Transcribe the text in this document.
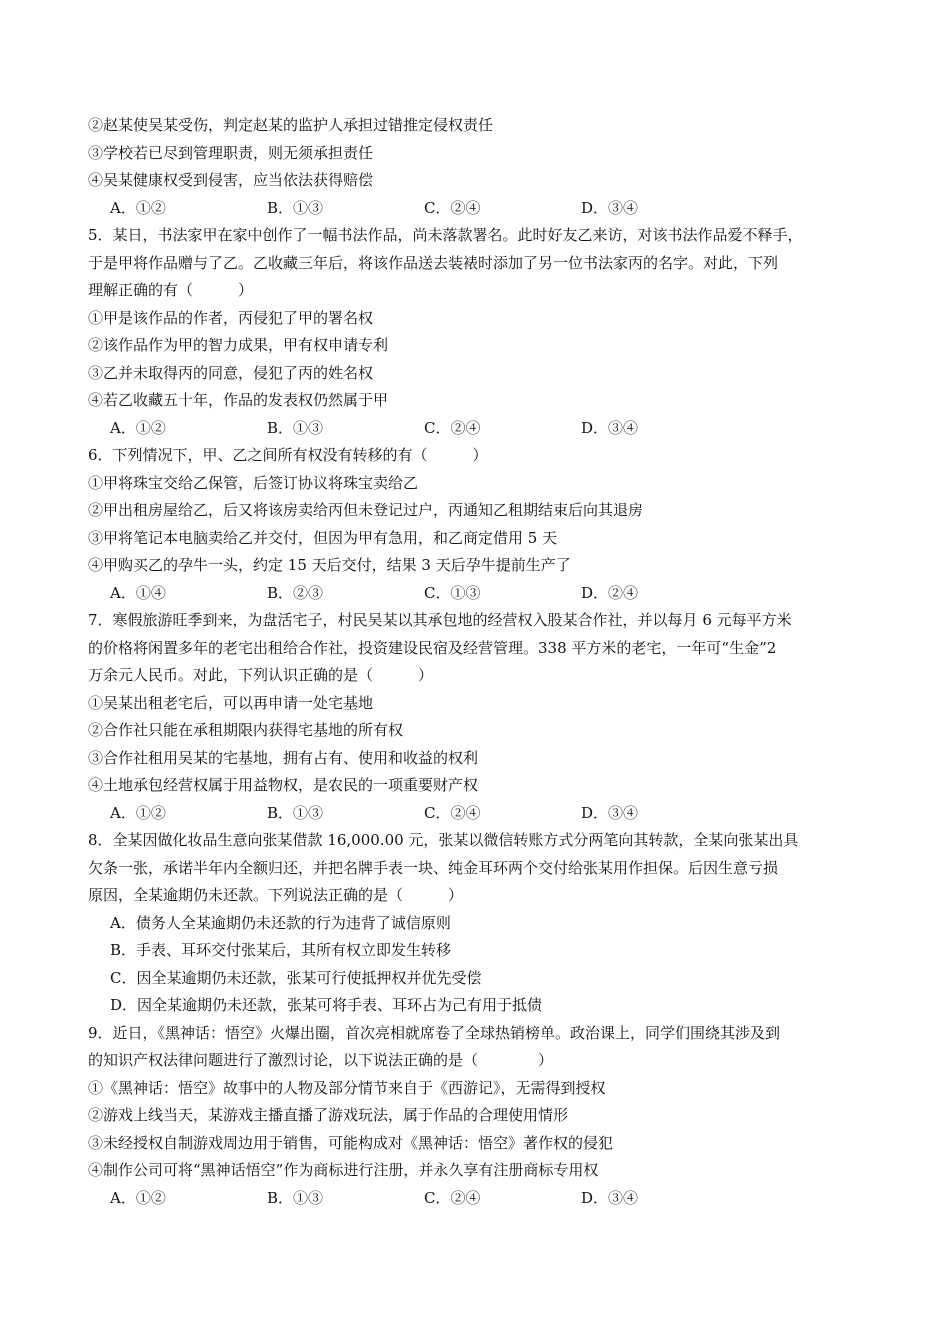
②赵某使吴某受伤，判定赵某的监护人承担过错推定侵权责任
③学校若已尽到管理职责，则无须承担责任
④吴某健康权受到侵害，应当依法获得赔偿
A．①②	B．①③	C．②④	D．③④
5．某日，书法家甲在家中创作了一幅书法作品，尚未落款署名。此时好友乙来访，对该书法作品爱不释手，
于是甲将作品赠与了乙。乙收藏三年后，将该作品送去装裱时添加了另一位书法家丙的名字。对此，下列
理解正确的有（　　　）
①甲是该作品的作者，丙侵犯了甲的署名权
②该作品作为甲的智力成果，甲有权申请专利
③乙并未取得丙的同意，侵犯了丙的姓名权
④若乙收藏五十年，作品的发表权仍然属于甲
A．①②	B．①③	C．②④	D．③④
6．下列情况下，甲、乙之间所有权没有转移的有（　　　）
①甲将珠宝交给乙保管，后签订协议将珠宝卖给乙
②甲出租房屋给乙，后又将该房卖给丙但未登记过户，丙通知乙租期结束后向其退房
③甲将笔记本电脑卖给乙并交付，但因为甲有急用，和乙商定借用 5 天
④甲购买乙的孕牛一头，约定 15 天后交付，结果 3 天后孕牛提前生产了
A．①④	B．②③	C．①③	D．②④
7．寒假旅游旺季到来，为盘活宅子，村民吴某以其承包地的经营权入股某合作社，并以每月 6 元每平方米
的价格将闲置多年的老宅出租给合作社，投资建设民宿及经营管理。338 平方米的老宅，一年可“生金”2
万余元人民币。对此，下列认识正确的是（　　　）
①吴某出租老宅后，可以再申请一处宅基地
②合作社只能在承租期限内获得宅基地的所有权
③合作社租用吴某的宅基地，拥有占有、使用和收益的权利
④土地承包经营权属于用益物权，是农民的一项重要财产权
A．①②	B．①③	C．②④	D．③④
8．全某因做化妆品生意向张某借款 16,000.00 元，张某以微信转账方式分两笔向其转款，全某向张某出具
欠条一张，承诺半年内全额归还，并把名牌手表一块、纯金耳环两个交付给张某用作担保。后因生意亏损
原因，全某逾期仍未还款。下列说法正确的是（　　　）
A．债务人全某逾期仍未还款的行为违背了诚信原则
B．手表、耳环交付张某后，其所有权立即发生转移
C．因全某逾期仍未还款，张某可行使抵押权并优先受偿
D．因全某逾期仍未还款，张某可将手表、耳环占为己有用于抵债
9．近日，《黑神话：悟空》火爆出圈，首次亮相就席卷了全球热销榜单。政治课上，同学们围绕其涉及到
的知识产权法律问题进行了激烈讨论，以下说法正确的是（　　　　）
①《黑神话：悟空》故事中的人物及部分情节来自于《西游记》，无需得到授权
②游戏上线当天，某游戏主播直播了游戏玩法，属于作品的合理使用情形
③未经授权自制游戏周边用于销售，可能构成对《黑神话：悟空》著作权的侵犯
④制作公司可将“黑神话悟空”作为商标进行注册，并永久享有注册商标专用权
A．①②	B．①③	C．②④	D．③④
